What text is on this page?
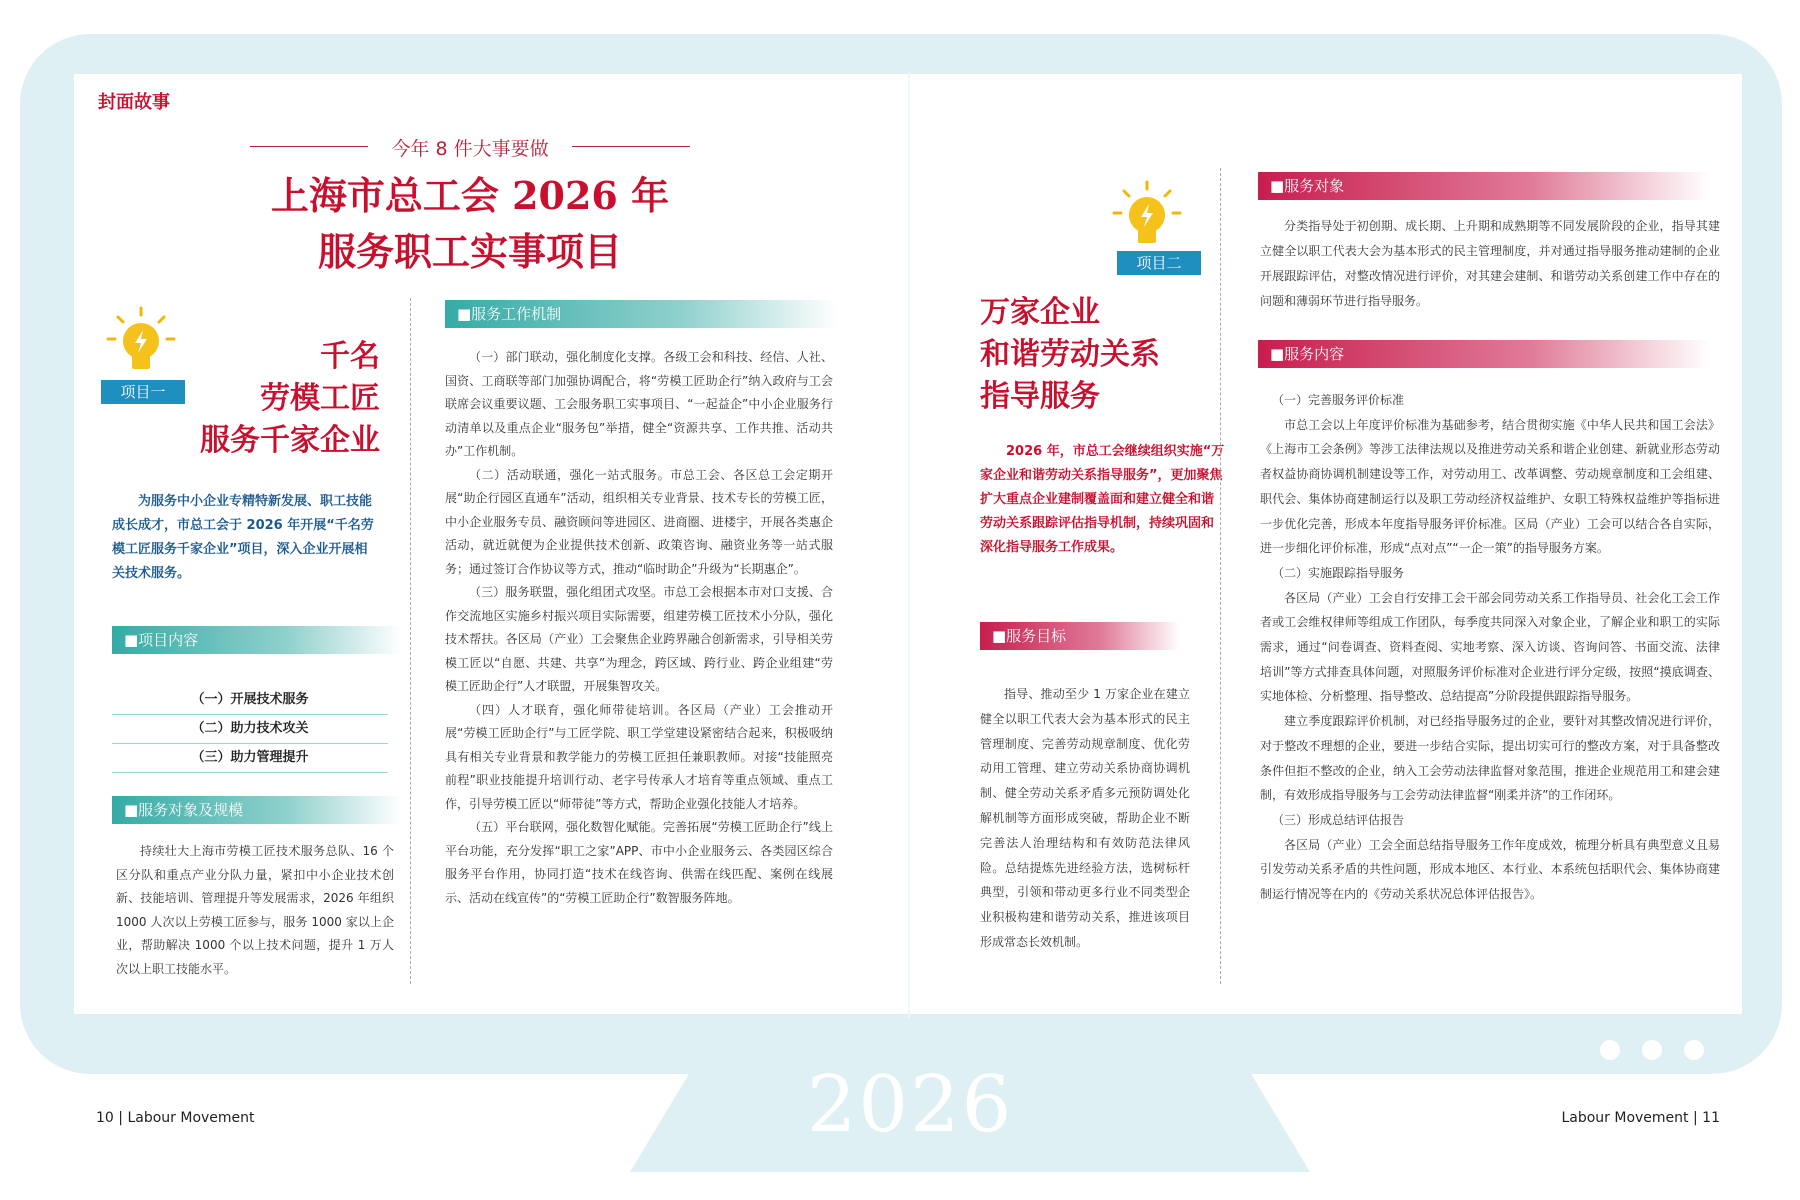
2026
封面故事
今年 8 件大事要做
上海市总工会 2026 年
服务职工实事项目
项目一
千名
劳模工匠
服务千家企业

为服务中小企业专精特新发展、职工技能成长成才，市总工会于 2026 年开展“千名劳模工匠服务千家企业”项目，深入企业开展相关技术服务。

■项目内容
（一）开展技术服务
（二）助力技术攻关
（三）助力管理提升
■服务对象及规模

持续壮大上海市劳模工匠技术服务总队、16 个区分队和重点产业分队力量，紧扣中小企业技术创新、技能培训、管理提升等发展需求，2026 年组织 1000 人次以上劳模工匠参与，服务 1000 家以上企业，帮助解决 1000 个以上技术问题，提升 1 万人次以上职工技能水平。

■服务工作机制

（一）部门联动，强化制度化支撑。各级工会和科技、经信、人社、国资、工商联等部门加强协调配合，将“劳模工匠助企行”纳入政府与工会联席会议重要议题、工会服务职工实事项目、“一起益企”中小企业服务行动清单以及重点企业“服务包”举措，健全“资源共享、工作共推、活动共办”工作机制。

（二）活动联通，强化一站式服务。市总工会、各区总工会定期开展“助企行园区直通车”活动，组织相关专业背景、技术专长的劳模工匠，中小企业服务专员、融资顾问等进园区、进商圈、进楼宇，开展各类惠企活动，就近就便为企业提供技术创新、政策咨询、融资业务等一站式服务；通过签订合作协议等方式，推动“临时助企”升级为“长期惠企”。

（三）服务联盟，强化组团式攻坚。市总工会根据本市对口支援、合作交流地区实施乡村振兴项目实际需要，组建劳模工匠技术小分队，强化技术帮扶。各区局（产业）工会聚焦企业跨界融合创新需求，引导相关劳模工匠以“自愿、共建、共享”为理念，跨区域、跨行业、跨企业组建“劳模工匠助企行”人才联盟，开展集智攻关。

（四）人才联育，强化师带徒培训。各区局（产业）工会推动开展“劳模工匠助企行”与工匠学院、职工学堂建设紧密结合起来，积极吸纳具有相关专业背景和教学能力的劳模工匠担任兼职教师。对接“技能照亮前程”职业技能提升培训行动、老字号传承人才培育等重点领域、重点工作，引导劳模工匠以“师带徒”等方式，帮助企业强化技能人才培养。

（五）平台联网，强化数智化赋能。完善拓展“劳模工匠助企行”线上平台功能，充分发挥“职工之家”APP、市中小企业服务云、各类园区综合服务平台作用，协同打造“技术在线咨询、供需在线匹配、案例在线展示、活动在线宣传”的“劳模工匠助企行”数智服务阵地。

项目二
万家企业
和谐劳动关系
指导服务

2026 年，市总工会继续组织实施“万家企业和谐劳动关系指导服务”，更加聚焦扩大重点企业建制覆盖面和建立健全和谐劳动关系跟踪评估指导机制，持续巩固和深化指导服务工作成果。

■服务目标

指导、推动至少 1 万家企业在建立健全以职工代表大会为基本形式的民主管理制度、完善劳动规章制度、优化劳动用工管理、建立劳动关系协商协调机制、健全劳动关系矛盾多元预防调处化解机制等方面形成突破，帮助企业不断完善法人治理结构和有效防范法律风险。总结提炼先进经验方法，选树标杆典型，引领和带动更多行业不同类型企业积极构建和谐劳动关系，推进该项目形成常态长效机制。

■服务对象

分类指导处于初创期、成长期、上升期和成熟期等不同发展阶段的企业，指导其建立健全以职工代表大会为基本形式的民主管理制度，并对通过指导服务推动建制的企业开展跟踪评估，对整改情况进行评价，对其建会建制、和谐劳动关系创建工作中存在的问题和薄弱环节进行指导服务。

■服务内容

（一）完善服务评价标准

市总工会以上年度评价标准为基础参考，结合贯彻实施《中华人民共和国工会法》《上海市工会条例》等涉工法律法规以及推进劳动关系和谐企业创建、新就业形态劳动者权益协商协调机制建设等工作，对劳动用工、改革调整、劳动规章制度和工会组建、职代会、集体协商建制运行以及职工劳动经济权益维护、女职工特殊权益维护等指标进一步优化完善，形成本年度指导服务评价标准。区局（产业）工会可以结合各自实际，进一步细化评价标准，形成“点对点”“一企一策”的指导服务方案。

（二）实施跟踪指导服务

各区局（产业）工会自行安排工会干部会同劳动关系工作指导员、社会化工会工作者或工会维权律师等组成工作团队，每季度共同深入对象企业，了解企业和职工的实际需求，通过“问卷调查、资料查阅、实地考察、深入访谈、咨询问答、书面交流、法律培训”等方式排查具体问题，对照服务评价标准对企业进行评分定级，按照“摸底调查、实地体检、分析整理、指导整改、总结提高”分阶段提供跟踪指导服务。

建立季度跟踪评价机制，对已经指导服务过的企业，要针对其整改情况进行评价，对于整改不理想的企业，要进一步结合实际，提出切实可行的整改方案，对于具备整改条件但拒不整改的企业，纳入工会劳动法律监督对象范围，推进企业规范用工和建会建制，有效形成指导服务与工会劳动法律监督“刚柔并济”的工作闭环。

（三）形成总结评估报告

各区局（产业）工会全面总结指导服务工作年度成效，梳理分析具有典型意义且易引发劳动关系矛盾的共性问题，形成本地区、本行业、本系统包括职代会、集体协商建制运行情况等在内的《劳动关系状况总体评估报告》。

10 | Labour Movement	Labour Movement | 11
